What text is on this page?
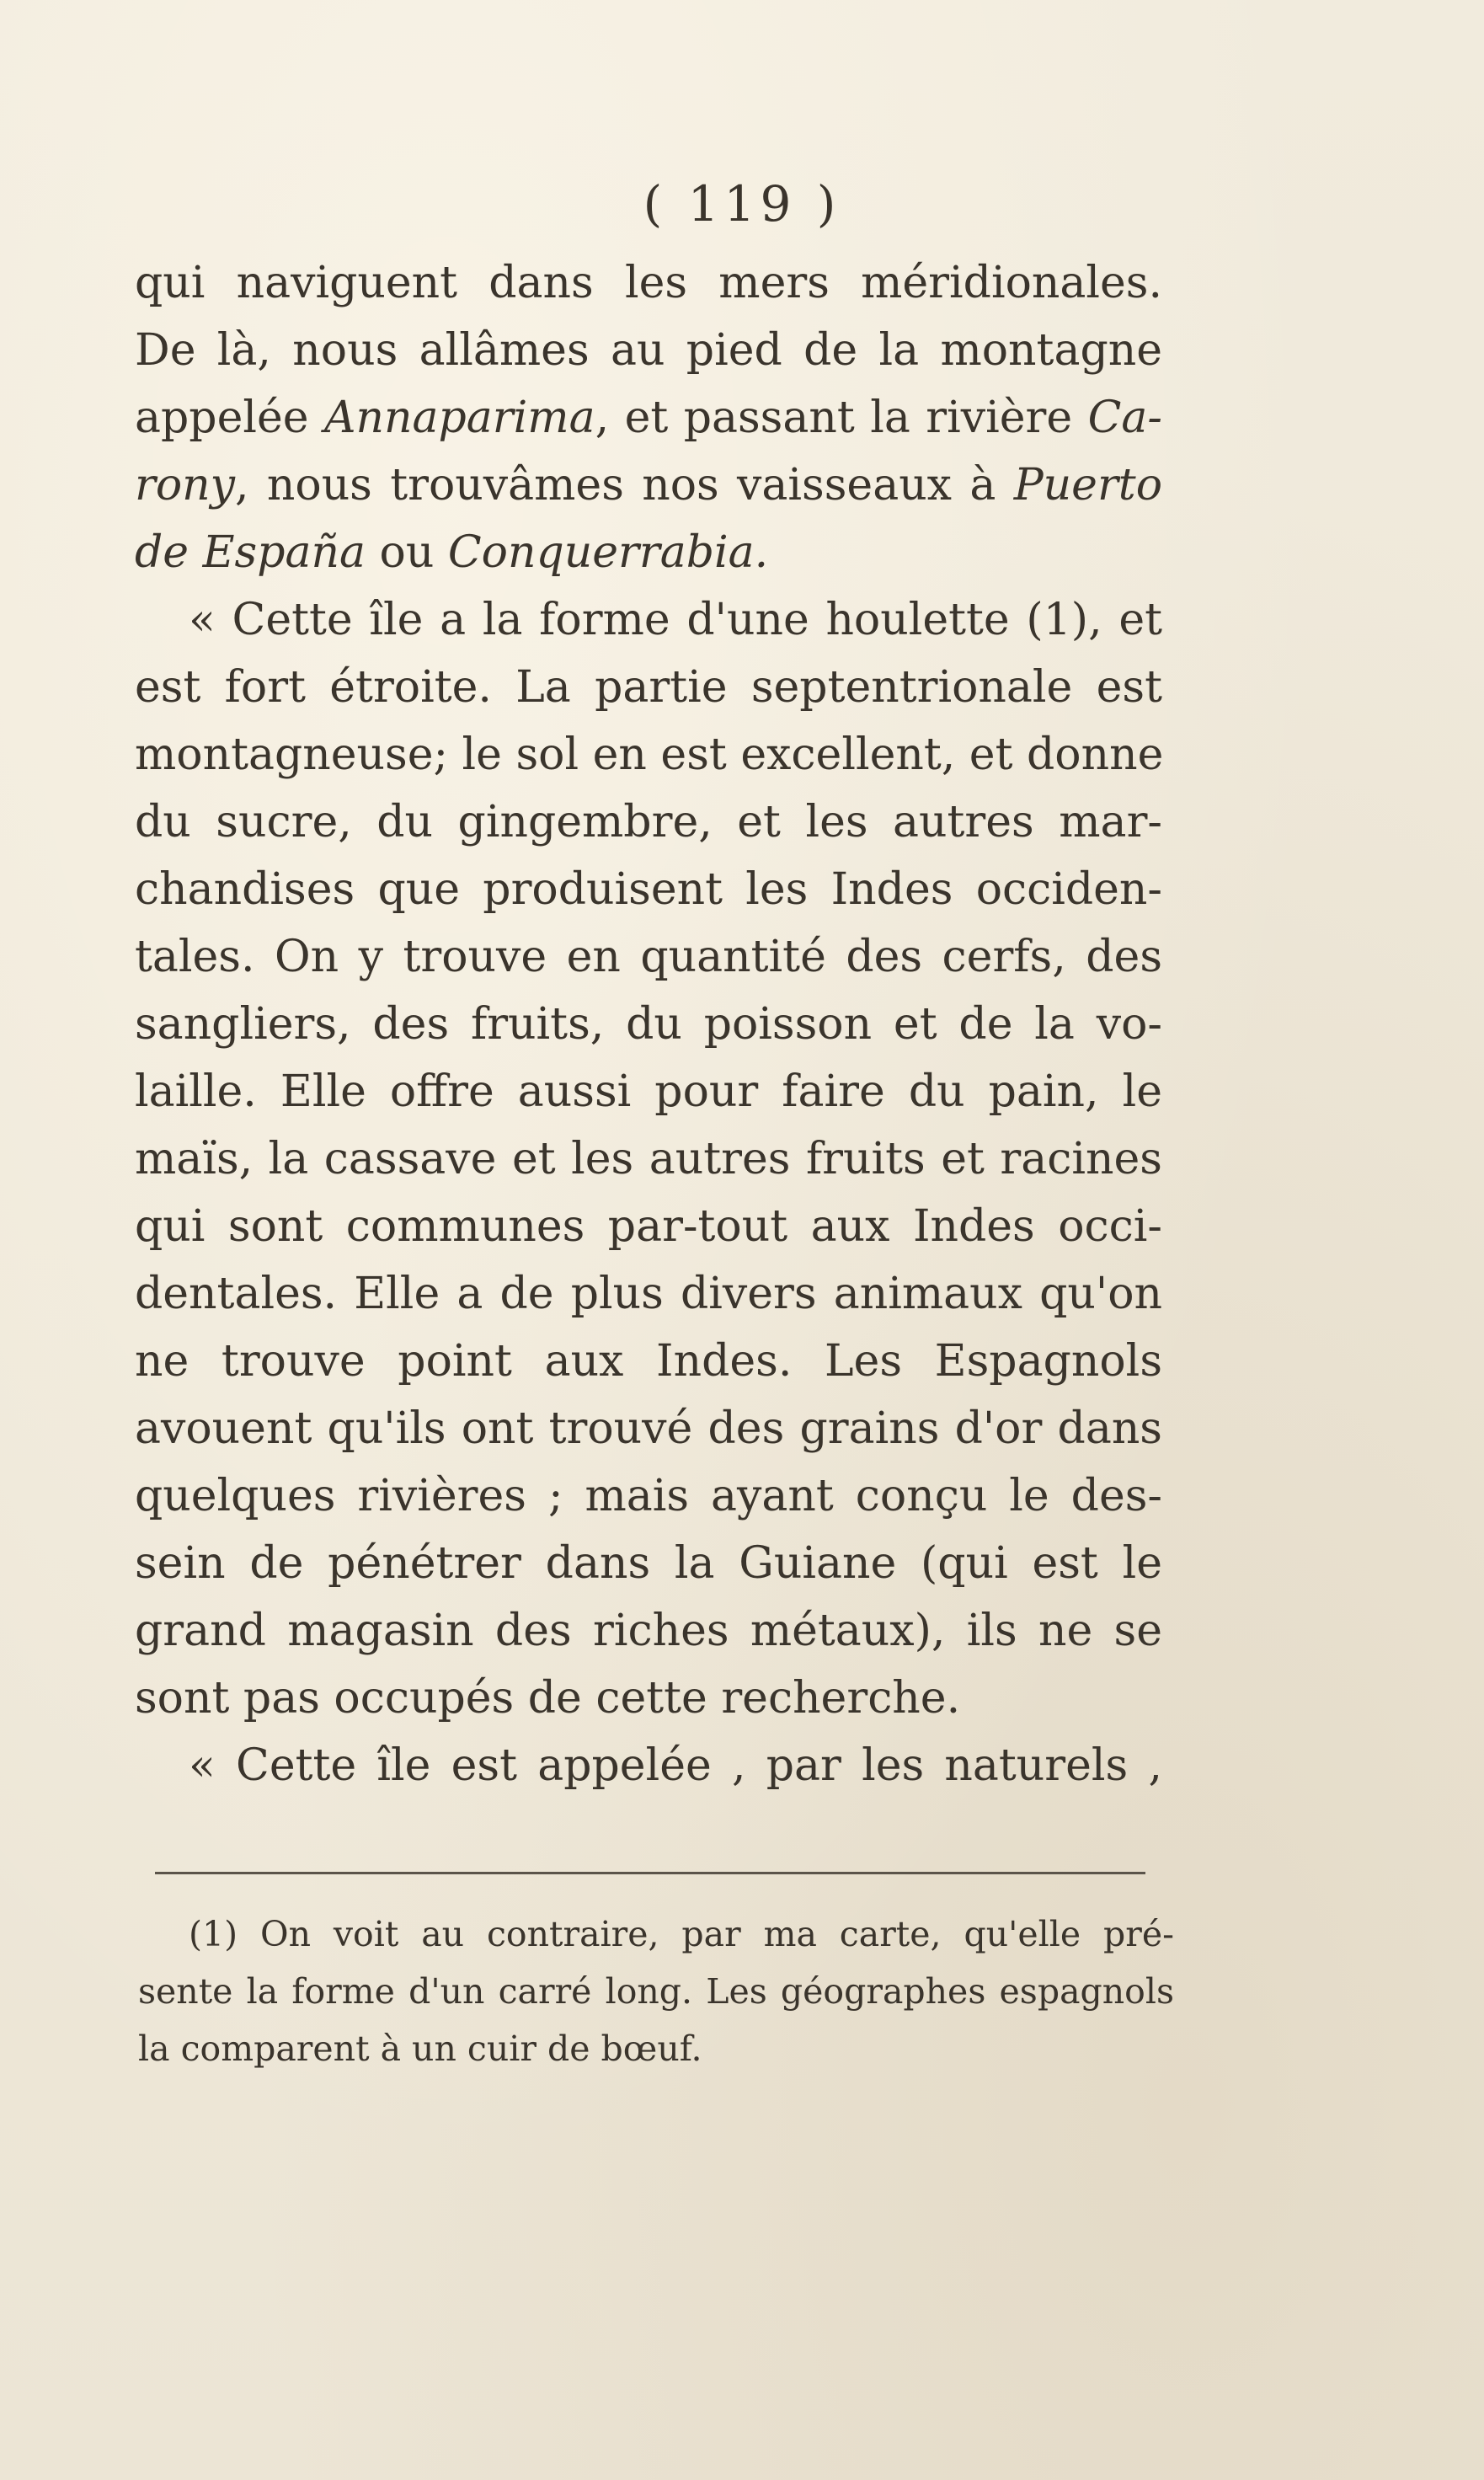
( 119 )
qui naviguent dans les mers méridionales.
De là, nous allâmes au pied de la montagne
appelée Annaparima, et passant la rivière Ca-
rony, nous trouvâmes nos vaisseaux à Puerto
de España ou Conquerrabia.
« Cette île a la forme d'une houlette (1), et
est fort étroite. La partie septentrionale est
montagneuse; le sol en est excellent, et donne
du sucre, du gingembre, et les autres mar-
chandises que produisent les Indes occiden-
tales. On y trouve en quantité des cerfs, des
sangliers, des fruits, du poisson et de la vo-
laille. Elle offre aussi pour faire du pain, le
maïs, la cassave et les autres fruits et racines
qui sont communes par-tout aux Indes occi-
dentales. Elle a de plus divers animaux qu'on
ne trouve point aux Indes. Les Espagnols
avouent qu'ils ont trouvé des grains d'or dans
quelques rivières ; mais ayant conçu le des-
sein de pénétrer dans la Guiane (qui est le
grand magasin des riches métaux), ils ne se
sont pas occupés de cette recherche.
« Cette île est appelée , par les naturels ,
(1) On voit au contraire, par ma carte, qu'elle pré-
sente la forme d'un carré long. Les géographes espagnols
la comparent à un cuir de bœuf.
